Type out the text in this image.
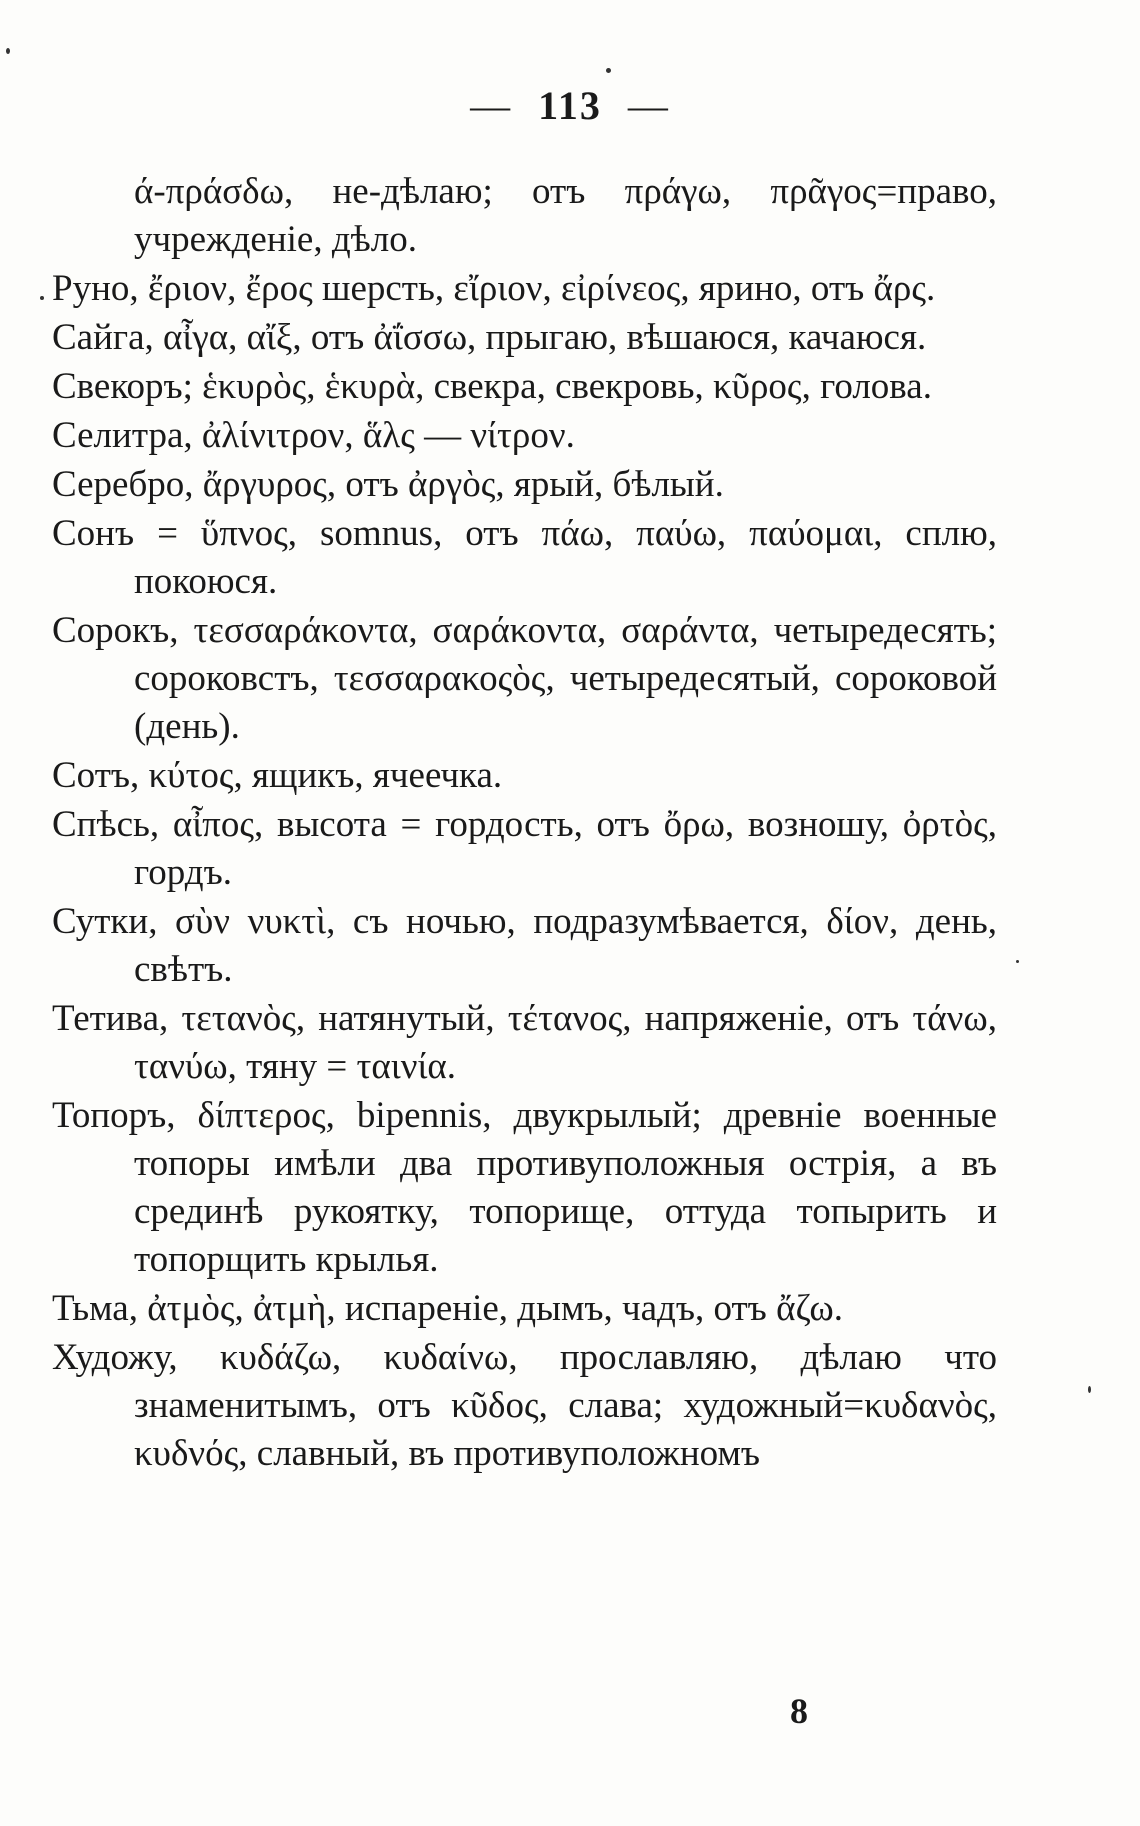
— 113 —

ά-πράσδω, не-дѣлаю; отъ πράγω, πρᾶγος=право, учрежденіе, дѣло.

Руно, ἔριον, ἔρος шерсть, εἴριον, εἰρίνεος, ярино, отъ ἄρς.

Сайга, αἶγα, αἴξ, отъ ἀΐσσω, прыгаю, вѣшаюся, качаюся.

Свекоръ; ἑκυρὸς, ἑκυρὰ, свекра, свекровь, κῦρος, голова.

Селитра, ἀλίνιτρον, ἅλς — νίτρον.

Серебро, ἄργυρος, отъ ἀργὸς, ярый, бѣлый.

Сонъ = ὕπνος, somnus, отъ πάω, παύω, παύομαι, сплю, покоюся.

Сорокъ, τεσσαράκοντα, σαράκοντα, σαράντα, четыредесять; сороковстъ, τεσσαρακοςὸς, четыредесятый, сороковой (день).

Сотъ, κύτος, ящикъ, ячеечка.

Спѣсь, αἶπος, высота = гордость, отъ ὄρω, возношу, ὀρτὸς, гордъ.

Сутки, σὺν νυκτὶ, съ ночью, подразумѣвается, δίον, день, свѣтъ.

Тетива, τετανὸς, натянутый, τέτανος, напряженіе, отъ τάνω, τανύω, тяну = ταινία.

Топоръ, δίπτερος, bipennis, двукрылый; древніе военные топоры имѣли два противуположныя острія, а въ срединѣ рукоятку, топорище, оттуда топырить и топорщить крылья.

Тьма, ἀτμὸς, ἀτμὴ, испареніе, дымъ, чадъ, отъ ἄζω.

Художу, κυδάζω, κυδαίνω, прославляю, дѣлаю что знаменитымъ, отъ κῦδος, слава; художный=κυδανὸς, κυδνός, славный, въ противуположномъ

8
